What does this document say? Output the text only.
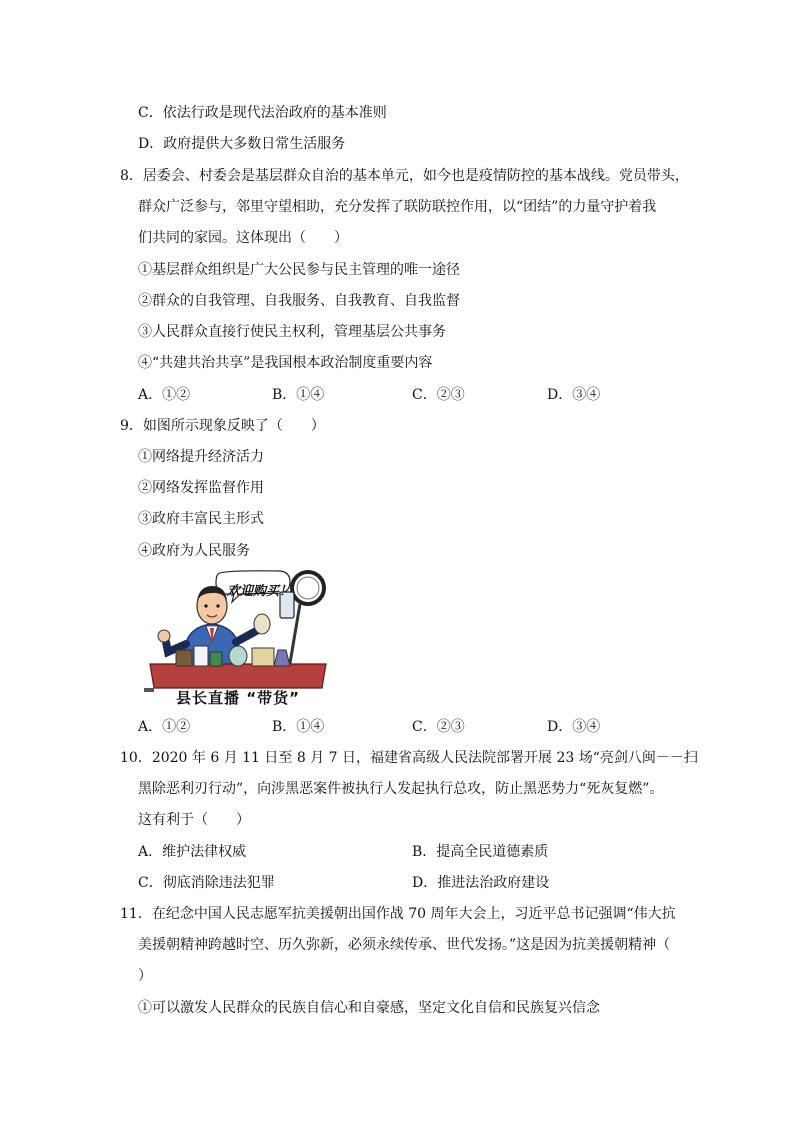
C．依法行政是现代法治政府的基本准则
D．政府提供大多数日常生活服务
8．居委会、村委会是基层群众自治的基本单元，如今也是疫情防控的基本战线。党员带头，
群众广泛参与，邻里守望相助，充分发挥了联防联控作用，以“团结”的力量守护着我
们共同的家园。这体现出（　　）
①基层群众组织是广大公民参与民主管理的唯一途径
②群众的自我管理、自我服务、自我教育、自我监督
③人民群众直接行使民主权利，管理基层公共事务
④“共建共治共享”是我国根本政治制度重要内容
A．①②	B．①④	C．②③	D．③④
9．如图所示现象反映了（　　）
①网络提升经济活力
②网络发挥监督作用
③政府丰富民主形式
④政府为人民服务
欢迎购买！
县长直播 “带货”
A．①②	B．①④	C．②③	D．③④
10．2020 年 6 月 11 日至 8 月 7 日，福建省高级人民法院部署开展 23 场“亮剑八闽－－扫
黑除恶利刃行动”，向涉黑恶案件被执行人发起执行总攻，防止黑恶势力“死灰复燃”。
这有利于（　　）
A．维护法律权威	B．提高全民道德素质
C．彻底消除违法犯罪	D．推进法治政府建设
11．在纪念中国人民志愿军抗美援朝出国作战 70 周年大会上，习近平总书记强调“伟大抗
美援朝精神跨越时空、历久弥新，必须永续传承、世代发扬。”这是因为抗美援朝精神（
）
①可以激发人民群众的民族自信心和自豪感，坚定文化自信和民族复兴信念
